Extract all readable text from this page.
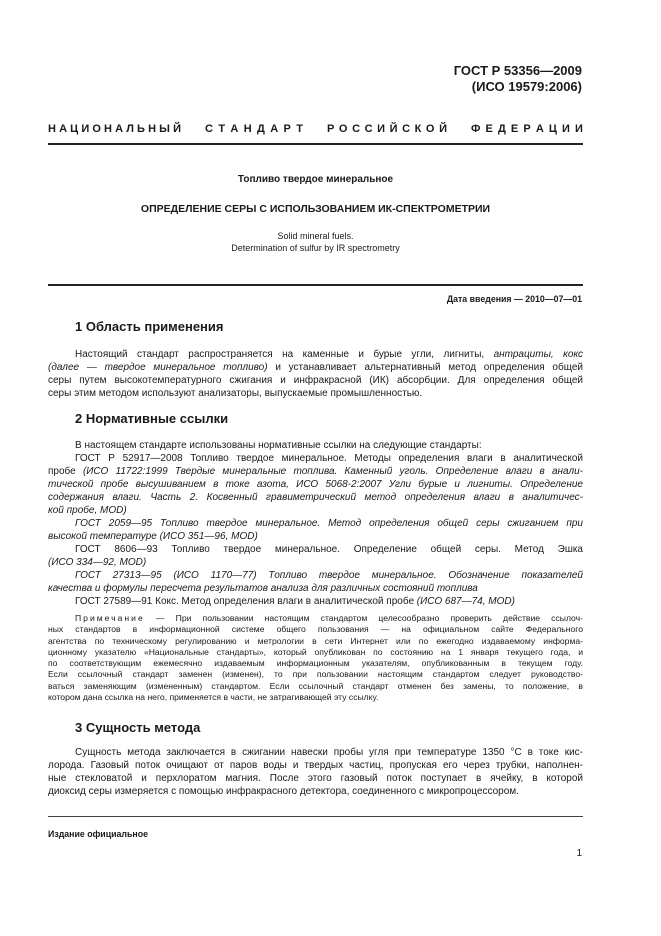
ГОСТ Р 53356—2009
(ИСО 19579:2006)
Н А Ц И О Н А Л Ь Н Ы Й С Т А Н Д А Р Т Р О С С И Й С К О Й Ф Е Д Е Р А Ц И И
Топливо твердое минеральное
ОПРЕДЕЛЕНИЕ СЕРЫ С ИСПОЛЬЗОВАНИЕМ ИК-СПЕКТРОМЕТРИИ
Solid mineral fuels.
Determination of sulfur by IR spectrometry
Дата введения — 2010—07—01
1 Область применения
Настоящий стандарт распространяется на каменные и бурые угли, лигниты, антрациты, кокс
(далее — твердое минеральное топливо) и устанавливает альтернативный метод определения общей
серы путем высокотемпературного сжигания и инфракрасной (ИК) абсорбции. Для определения общей
серы этим методом используют анализаторы, выпускаемые промышленностью.
2 Нормативные ссылки
В настоящем стандарте использованы нормативные ссылки на следующие стандарты:
ГОСТ Р 52917—2008 Топливо твердое минеральное. Методы определения влаги в аналитической
пробе (ИСО 11722:1999 Твердые минеральные топлива. Каменный уголь. Определение влаги в анали-
тической пробе высушиванием в токе азота, ИСО 5068-2:2007 Угли бурые и лигниты. Определение
содержания влаги. Часть 2. Косвенный гравиметрический метод определения влаги в аналитичес-
кой пробе, MOD)
ГОСТ 2059—95 Топливо твердое минеральное. Метод определения общей серы сжиганием при
высокой температуре (ИСО 351—96, MOD)
ГОСТ 8606—93 Топливо твердое минеральное. Определение общей серы. Метод Эшка
(ИСО 334—92, MOD)
ГОСТ 27313—95 (ИСО 1170—77) Топливо твердое минеральное. Обозначение показателей
качества и формулы пересчета результатов анализа для различных состояний топлива
ГОСТ 27589—91 Кокс. Метод определения влаги в аналитической пробе (ИСО 687—74, MOD)
Примечание — При пользовании настоящим стандартом целесообразно проверить действие ссылоч-
ных стандартов в информационной системе общего пользования — на официальном сайте Федерального
агентства по техническому регулированию и метрологии в сети Интернет или по ежегодно издаваемому информа-
ционному указателю «Национальные стандарты», который опубликован по состоянию на 1 января текущего года, и
по соответствующим ежемесячно издаваемым информационным указателям, опубликованным в текущем году.
Если ссылочный стандарт заменен (изменен), то при пользовании настоящим стандартом следует руководство-
ваться заменяющим (измененным) стандартом. Если ссылочный стандарт отменен без замены, то положение, в
котором дана ссылка на него, применяется в части, не затрагивающей эту ссылку.
3 Сущность метода
Сущность метода заключается в сжигании навески пробы угля при температуре 1350 °С в токе кис-
лорода. Газовый поток очищают от паров воды и твердых частиц, пропуская его через трубки, наполнен-
ные стекловатой и перхлоратом магния. После этого газовый поток поступает в ячейку, в которой
диоксид серы измеряется с помощью инфракрасного детектора, соединенного с микропроцессором.
Издание официальное
1
